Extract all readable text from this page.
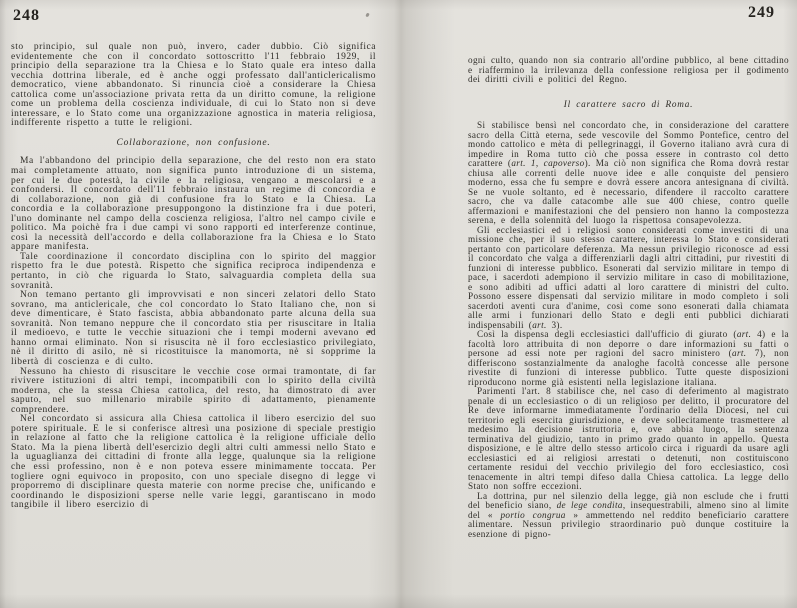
248

sto principio, sul quale non può, invero, cader dubbio. Ciò significa evidentemente che con il concordato sottoscritto l'11 febbraio 1929, il principio della separazione tra la Chiesa e lo Stato quale era inteso dalla vecchia dottrina liberale, ed è anche oggi professato dall'anticlericalismo democratico, viene abbandonato. Si rinuncia cioè a considerare la Chiesa cattolica come un'associazione privata retta da un diritto comune, la religione come un problema della coscienza individuale, di cui lo Stato non si deve interessare, e lo Stato come una organizzazione agnostica in materia religiosa, indifferente rispetto a tutte le religioni.

Collaborazione, non confusione.

Ma l'abbandono del principio della separazione, che del resto non era stato mai completamente attuato, non significa punto introduzione di un sistema, per cui le due potestà, la civile e la religiosa, vengano a mescolarsi e a confondersi. Il concordato dell'11 febbraio instaura un regime di concordia e di collaborazione, non già di confusione fra lo Stato e la Chiesa. La concordia e la collaborazione presuppongono la distinzione fra i due poteri, l'uno dominante nel campo della coscienza religiosa, l'altro nel campo civile e politico. Ma poichè fra i due campi vi sono rapporti ed interferenze continue, così la necessità dell'accordo e della collaborazione fra la Chiesa e lo Stato appare manifesta.

Tale coordinazione il concordato disciplina con lo spirito del maggior rispetto fra le due potestà. Rispetto che significa reciproca indipendenza e pertanto, in ciò che riguarda lo Stato, salvaguardia completa della sua sovranità.

Non temano pertanto gli improvvisati e non sinceri zelatori dello Stato sovrano, ma anticlericale, che col concordato lo Stato Italiano che, non si deve dimenticare, è Stato fascista, abbia abbandonato parte alcuna della sua sovranità. Non temano neppure che il concordato stia per risuscitare in Italia il medioevo, e tutte le vecchie situazioni che i tempi moderni avevano ed hanno ormai eliminato. Non si risuscita nè il foro ecclesiastico privilegiato, nè il diritto di asilo, nè si ricostituisce la manomorta, nè si sopprime la libertà di coscienza e di culto.

Nessuno ha chiesto di risuscitare le vecchie cose ormai tramontate, di far rivivere istituzioni di altri tempi, incompatibili con lo spirito della civiltà moderna, che la stessa Chiesa cattolica, del resto, ha dimostrato di aver saputo, nel suo millenario mirabile spirito di adattamento, pienamente comprendere.

Nel concordato si assicura alla Chiesa cattolica il libero esercizio del suo potere spirituale. E le si conferisce altresì una posizione di speciale prestigio in relazione al fatto che la religione cattolica è la religione ufficiale dello Stato. Ma la piena libertà dell'esercizio degli altri culti ammessi nello Stato e la uguaglianza dei cittadini di fronte alla legge, qualunque sia la religione che essi professino, non è e non poteva essere minimamente toccata. Per togliere ogni equivoco in proposito, con uno speciale disegno di legge vi proporremo di disciplinare questa materie con norme precise che, unificando e coordinando le disposizioni sperse nelle varie leggi, garantiscano in modo tangibile il libero esercizio di

249

ogni culto, quando non sia contrario all'ordine pubblico, al bene cittadino e riaffermino la irrilevanza della confessione religiosa per il godimento dei diritti civili e politici del Regno.

Il carattere sacro di Roma.

Si stabilisce bensì nel concordato che, in considerazione del carattere sacro della Città eterna, sede vescovile del Sommo Pontefice, centro del mondo cattolico e mèta di pellegrinaggi, il Governo italiano avrà cura di impedire in Roma tutto ciò che possa essere in contrasto col detto carattere (art. 1, capoverso). Ma ciò non significa che Roma dovrà restar chiusa alle correnti delle nuove idee e alle conquiste del pensiero moderno, essa che fu sempre e dovrà essere ancora antesignana di civiltà. Se ne vuole soltanto, ed è necessario, difendere il raccolto carattere sacro, che va dalle catacombe alle sue 400 chiese, contro quelle affermazioni e manifestazioni che del pensiero non hanno la compostezza serena, e della solennità del luogo la rispettosa consapevolezza.

Gli ecclesiastici ed i religiosi sono considerati come investiti di una missione che, per il suo stesso carattere, interessa lo Stato e considerati pertanto con particolare deferenza. Ma nessun privilegio riconosce ad essi il concordato che valga a differenziarli dagli altri cittadini, pur rivestiti di funzioni di interesse pubblico. Esonerati dal servizio militare in tempo di pace, i sacerdoti adempiono il servizio militare in caso di mobilitazione, e sono adibiti ad uffici adatti al loro carattere di ministri del culto. Possono essere dispensati dal servizio militare in modo completo i soli sacerdoti aventi cura d'anime, così come sono esonerati dalla chiamata alle armi i funzionari dello Stato e degli enti pubblici dichiarati indispensabili (art. 3).

Così la dispensa degli ecclesiastici dall'ufficio di giurato (art. 4) e la facoltà loro attribuita di non deporre o dare informazioni su fatti o persone ad essi note per ragioni del sacro ministero (art. 7), non differiscono sostanzialmente da analoghe facoltà concesse alle persone rivestite di funzioni di interesse pubblico. Tutte queste disposizioni riproducono norme già esistenti nella legislazione italiana.

Parimenti l'art. 8 stabilisce che, nel caso di deferimento al magistrato penale di un ecclesiastico o di un religioso per delitto, il procuratore del Re deve informarne immediatamente l'ordinario della Diocesi, nel cui territorio egli esercita giurisdizione, e deve sollecitamente trasmettere al medesimo la decisione istruttoria e, ove abbia luogo, la sentenza terminativa del giudizio, tanto in primo grado quanto in appello. Questa disposizione, e le altre dello stesso articolo circa i riguardi da usare agli ecclesiastici ed ai religiosi arrestati o detenuti, non costituiscono certamente residui del vecchio privilegio del foro ecclesiastico, così tenacemente in altri tempi difeso dalla Chiesa cattolica. La legge dello Stato non soffre eccezioni.

La dottrina, pur nel silenzio della legge, già non esclude che i frutti del beneficio siano, de lege condita, insequestrabili, almeno sino al limite del « portio congrua » ammettendo nel reddito beneficiario carattere alimentare. Nessun privilegio straordinario può dunque costituire la esenzione di pigno-
